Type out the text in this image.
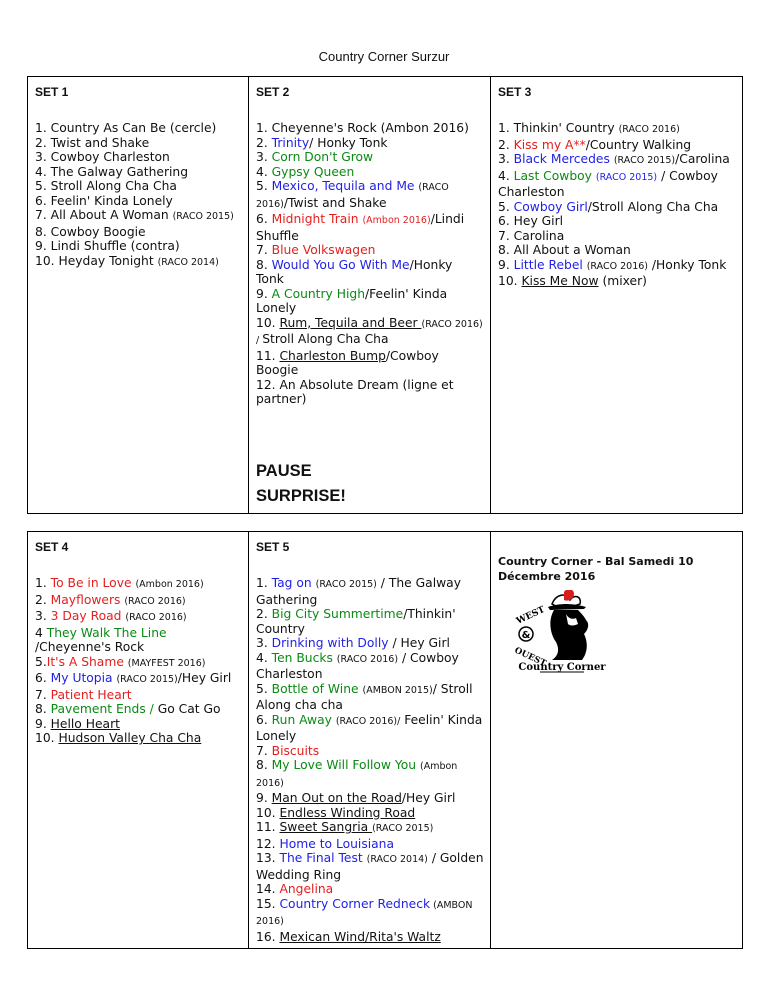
Country Corner Surzur
SET 1
1. Country As Can Be (cercle)
2. Twist and Shake
3. Cowboy Charleston
4. The Galway Gathering
5. Stroll Along Cha Cha
6. Feelin' Kinda Lonely
7. All About A Woman (RACO 2015)
8. Cowboy Boogie
9. Lindi Shuffle (contra)
10. Heyday Tonight (RACO 2014)

SET 2
1. Cheyenne's Rock (Ambon 2016)
2. Trinity/ Honky Tonk
3. Corn Don't Grow
4. Gypsy Queen
5. Mexico, Tequila and Me (RACO 2016)/Twist and Shake
6. Midnight Train (Ambon 2016)/Lindi Shuffle
7. Blue Volkswagen
8. Would You Go With Me/Honky Tonk
9. A Country High/Feelin' Kinda Lonely
10. Rum, Tequila and Beer (RACO 2016) / Stroll Along Cha Cha
11. Charleston Bump/Cowboy Boogie
12. An Absolute Dream (ligne et partner)
PAUSE
SURPRISE!

SET 3
1. Thinkin' Country (RACO 2016)
2. Kiss my A**/Country Walking
3. Black Mercedes (RACO 2015)/Carolina
4. Last Cowboy (RACO 2015) / Cowboy Charleston
5. Cowboy Girl/Stroll Along Cha Cha
6. Hey Girl
7. Carolina
8. All About a Woman
9. Little Rebel (RACO 2016) /Honky Tonk
10. Kiss Me Now (mixer)
SET 4
1. To Be in Love (Ambon 2016)
2. Mayflowers (RACO 2016)
3. 3 Day Road (RACO 2016)
4 They Walk The Line /Cheyenne's Rock
5.It's A Shame (MAYFEST 2016)
6. My Utopia (RACO 2015)/Hey Girl
7. Patient Heart
8. Pavement Ends / Go Cat Go
9. Hello Heart
10. Hudson Valley Cha Cha

SET 5
1. Tag on (RACO 2015) / The Galway Gathering
2. Big City Summertime/Thinkin' Country
3. Drinking with Dolly / Hey Girl
4. Ten Bucks (RACO 2016) / Cowboy Charleston
5. Bottle of Wine (AMBON 2015)/ Stroll Along cha cha
6. Run Away (RACO 2016)/ Feelin' Kinda Lonely
7. Biscuits
8. My Love Will Follow You (Ambon 2016)
9. Man Out on the Road/Hey Girl
10. Endless Winding Road
11. Sweet Sangria (RACO 2015)
12. Home to Louisiana
13. The Final Test (RACO 2014) / Golden Wedding Ring
14. Angelina
15. Country Corner Redneck (AMBON 2016)
16. Mexican Wind/Rita's Waltz

Country Corner - Bal Samedi 10 Décembre 2016
WEST
&
OUEST
Country Corner
